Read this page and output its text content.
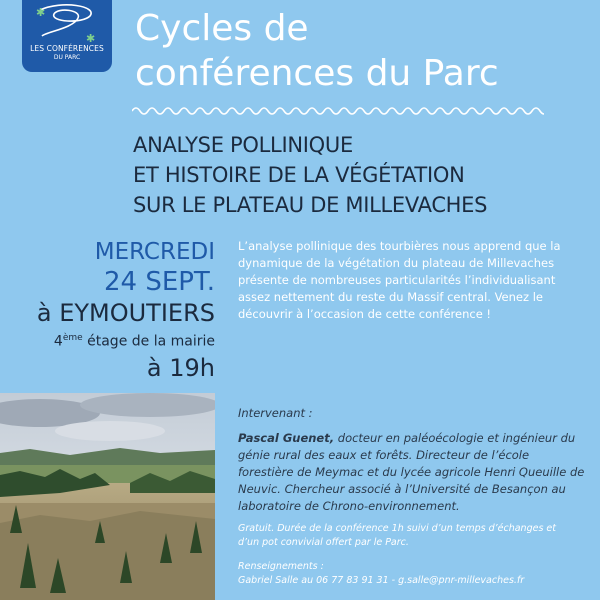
✱
✱
LES CONFÉRENCES
DU PARC
Cycles de
conférences du Parc
ANALYSE POLLINIQUE
ET HISTOIRE DE LA VÉGÉTATION
SUR LE PLATEAU DE MILLEVACHES
MERCREDI
24 SEPT.
à EYMOUTIERS
4ème étage de la mairie
à 19h
L’analyse pollinique des tourbières nous apprend que la dynamique de la végétation du plateau de Millevaches présente de nombreuses particularités l’individualisant assez nettement du reste du Massif central. Venez le découvrir à l’occasion de cette conférence !
Intervenant :
Pascal Guenet, docteur en paléoécologie et ingénieur du génie rural des eaux et forêts. Directeur de l’école forestière de Meymac et du lycée agricole Henri Queuille de Neuvic. Chercheur associé à l’Université de Besançon au laboratoire de Chrono-environnement.
Gratuit. Durée de la conférence 1h suivi d’un temps d’échanges et d’un pot convivial offert par le Parc.
Renseignements :
Gabriel Salle au 06 77 83 91 31 - g.salle@pnr-millevaches.fr
